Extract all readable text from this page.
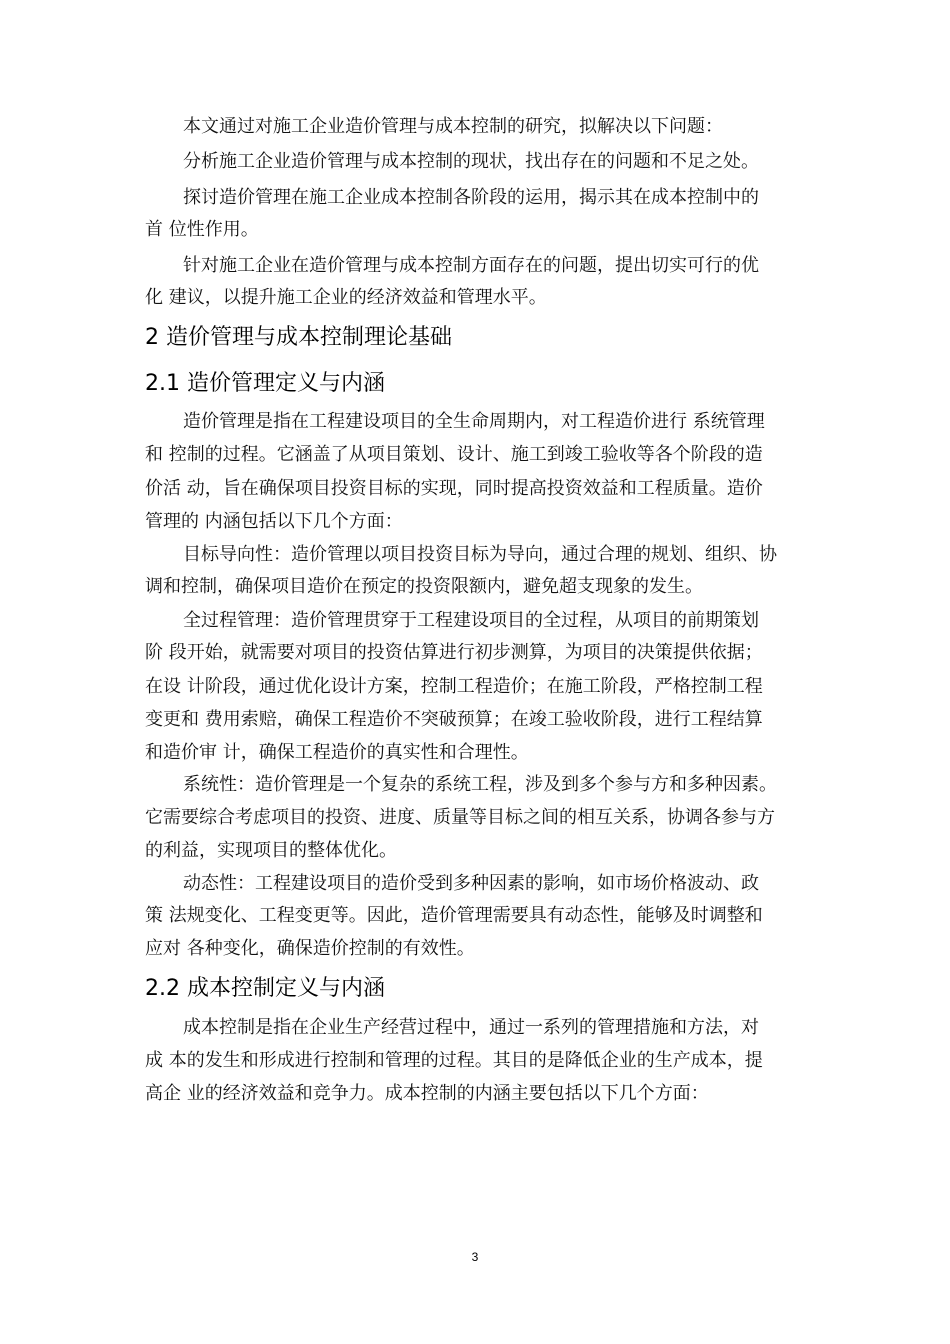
本文通过对施工企业造价管理与成本控制的研究，拟解决以下问题：
分析施工企业造价管理与成本控制的现状，找出存在的问题和不足之处。
探讨造价管理在施工企业成本控制各阶段的运用，揭示其在成本控制中的
首 位性作用。
针对施工企业在造价管理与成本控制方面存在的问题，提出切实可行的优
化 建议，以提升施工企业的经济效益和管理水平。
2 造价管理与成本控制理论基础
2.1 造价管理定义与内涵
造价管理是指在工程建设项目的全生命周期内，对工程造价进行 系统管理
和 控制的过程。它涵盖了从项目策划、设计、施工到竣工验收等各个阶段的造
价活 动，旨在确保项目投资目标的实现，同时提高投资效益和工程质量。造价
管理的 内涵包括以下几个方面：
目标导向性：造价管理以项目投资目标为导向，通过合理的规划、组织、协
调和控制，确保项目造价在预定的投资限额内，避免超支现象的发生。
全过程管理：造价管理贯穿于工程建设项目的全过程，从项目的前期策划
阶 段开始，就需要对项目的投资估算进行初步测算，为项目的决策提供依据；
在设 计阶段，通过优化设计方案，控制工程造价；在施工阶段，严格控制工程
变更和 费用索赔，确保工程造价不突破预算；在竣工验收阶段，进行工程结算
和造价审 计，确保工程造价的真实性和合理性。
系统性：造价管理是一个复杂的系统工程，涉及到多个参与方和多种因素。
它需要综合考虑项目的投资、进度、质量等目标之间的相互关系，协调各参与方
的利益，实现项目的整体优化。
动态性：工程建设项目的造价受到多种因素的影响，如市场价格波动、政
策 法规变化、工程变更等。因此，造价管理需要具有动态性，能够及时调整和
应对 各种变化，确保造价控制的有效性。
2.2 成本控制定义与内涵
成本控制是指在企业生产经营过程中，通过一系列的管理措施和方法，对
成 本的发生和形成进行控制和管理的过程。其目的是降低企业的生产成本，提
高企 业的经济效益和竞争力。成本控制的内涵主要包括以下几个方面：
3
